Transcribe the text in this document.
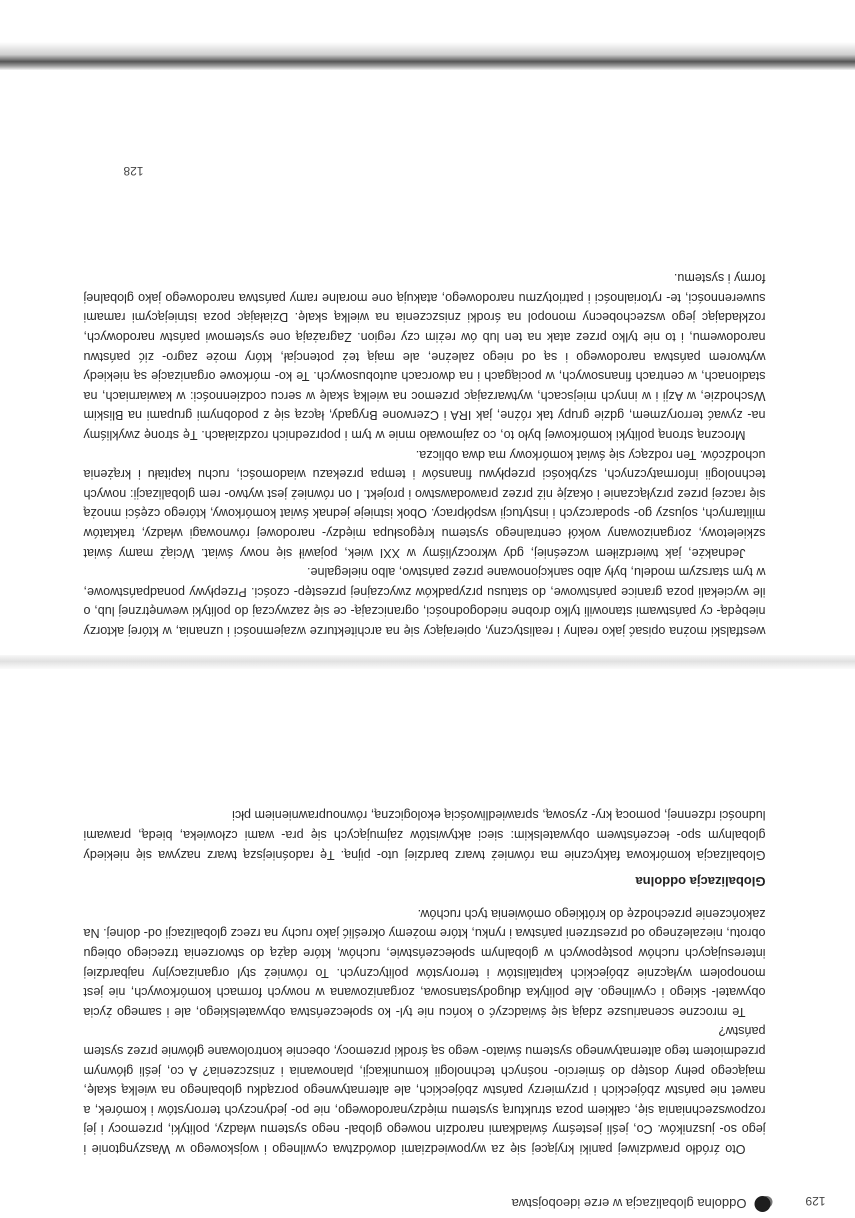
westfalski można opisać jako realny i realistyczny, opierający się na architekturze wzajemności i uznania, w której aktorzy niebędą- cy państwami stanowili tylko drobne niedogodności, ograniczają- ce się zazwyczaj do polityki wewnętrznej lub, o ile wyciekali poza granice państwowe, do statusu przypadków zwyczajnej przestęp- czości. Przepływy ponadpaństwowe, w tym starszym modelu, były albo sankcjonowane przez państwo, albo nielegalne.

Jednakże, jak twierdziłem wcześniej, gdy wkroczyliśmy w XXI wiek, pojawił się nowy świat. Wciąż mamy świat szkieletowy, zorganizowany wokół centralnego systemu kręgosłupa między- narodowej równowagi władzy, traktatów militarnych, sojuszy go- spodarczych i instytucji współpracy. Obok istnieje jednak świat komórkowy, którego części mnożą się raczej przez przyłączanie i okazję niż przez prawodawstwo i projekt. I on również jest wytwo- rem globalizacji: nowych technologii informatycznych, szybkości przepływu finansów i tempa przekazu wiadomości, ruchu kapitału i krążenia uchodźców. Ten rodzący się świat komórkowy ma dwa oblicza.

Mroczną stroną polityki komórkowej było to, co zajmowało mnie w tym i poprzednich rozdziałach. Tę stronę zwykliśmy na- zywać terroryzmem, gdzie grupy tak różne, jak IRA i Czerwone Brygady, łączą się z podobnymi grupami na Bliskim Wschodzie, w Azji i w innych miejscach, wytwarzając przemoc na wielką skalę w sercu codzienności: w kawiarniach, na stadionach, w centrach finansowych, w pociągach i na dworcach autobusowych. Te ko- mórkowe organizacje są niekiedy wytworem państwa narodowego i są od niego zależne, ale mają też potencjał, który może zagro- zić państwu narodowemu, i to nie tylko przez atak na ten lub ów reżim czy region. Zagrażają one systemowi państw narodowych, rozkładając jego wszechobecny monopol na środki zniszczenia na wielką skalę. Działając poza istniejącymi ramami suwerenności, te- rytorialności i patriotyzmu narodowego, atakują one moralne ramy państwa narodowego jako globalnej formy i systemu.

128
Oddolna globalizacja w erze ideobojstwa

Oto źródło prawdziwej paniki kryjącej się za wypowiedziami dowództwa cywilnego i wojskowego w Waszyngtonie i jego so- juszników. Co, jeśli jesteśmy świadkami narodzin nowego global- nego systemu władzy, polityki, przemocy i jej rozpowszechniania się, całkiem poza strukturą systemu międzynarodowego, nie po- jedynczych terrorystów i komórek, a nawet nie państw zbójeckich i przymierzy państw zbójeckich, ale alternatywnego porządku globalnego na wielką skalę, mającego pełny dostęp do śmiercio- nośnych technologii komunikacji, planowania i zniszczenia? A co, jeśli głównym przedmiotem tego alternatywnego systemu świato- wego są środki przemocy, obecnie kontrolowane głównie przez system państw?

Te mroczne scenariusze zdają się świadczyć o końcu nie tyl- ko społeczeństwa obywatelskiego, ale i samego życia obywatel- skiego i cywilnego. Ale polityka długodystansowa, zorganizowana w nowych formach komórkowych, nie jest monopolem wyłącznie zbójeckich kapitalistów i terrorystów politycznych. To również styl organizacyjny najbardziej interesujących ruchów postępowych w globalnym społeczeństwie, ruchów, które dążą do stworzenia trzeciego obiegu obrotu, niezależnego od przestrzeni państwa i rynku, które możemy określić jako ruchy na rzecz globalizacji od- dolnej. Na zakończenie przechodzę do krótkiego omówienia tych ruchów.

Globalizacja oddolna

Globalizacja komórkowa faktycznie ma również twarz bardziej uto- pijną. Tę radośniejszą twarz nazywa się niekiedy globalnym spo- łeczeństwem obywatelskim: sieci aktywistów zajmujących się pra- wami człowieka, biedą, prawami ludności rdzennej, pomocą kry- zysową, sprawiedliwością ekologiczną, równouprawnieniem płci

129
